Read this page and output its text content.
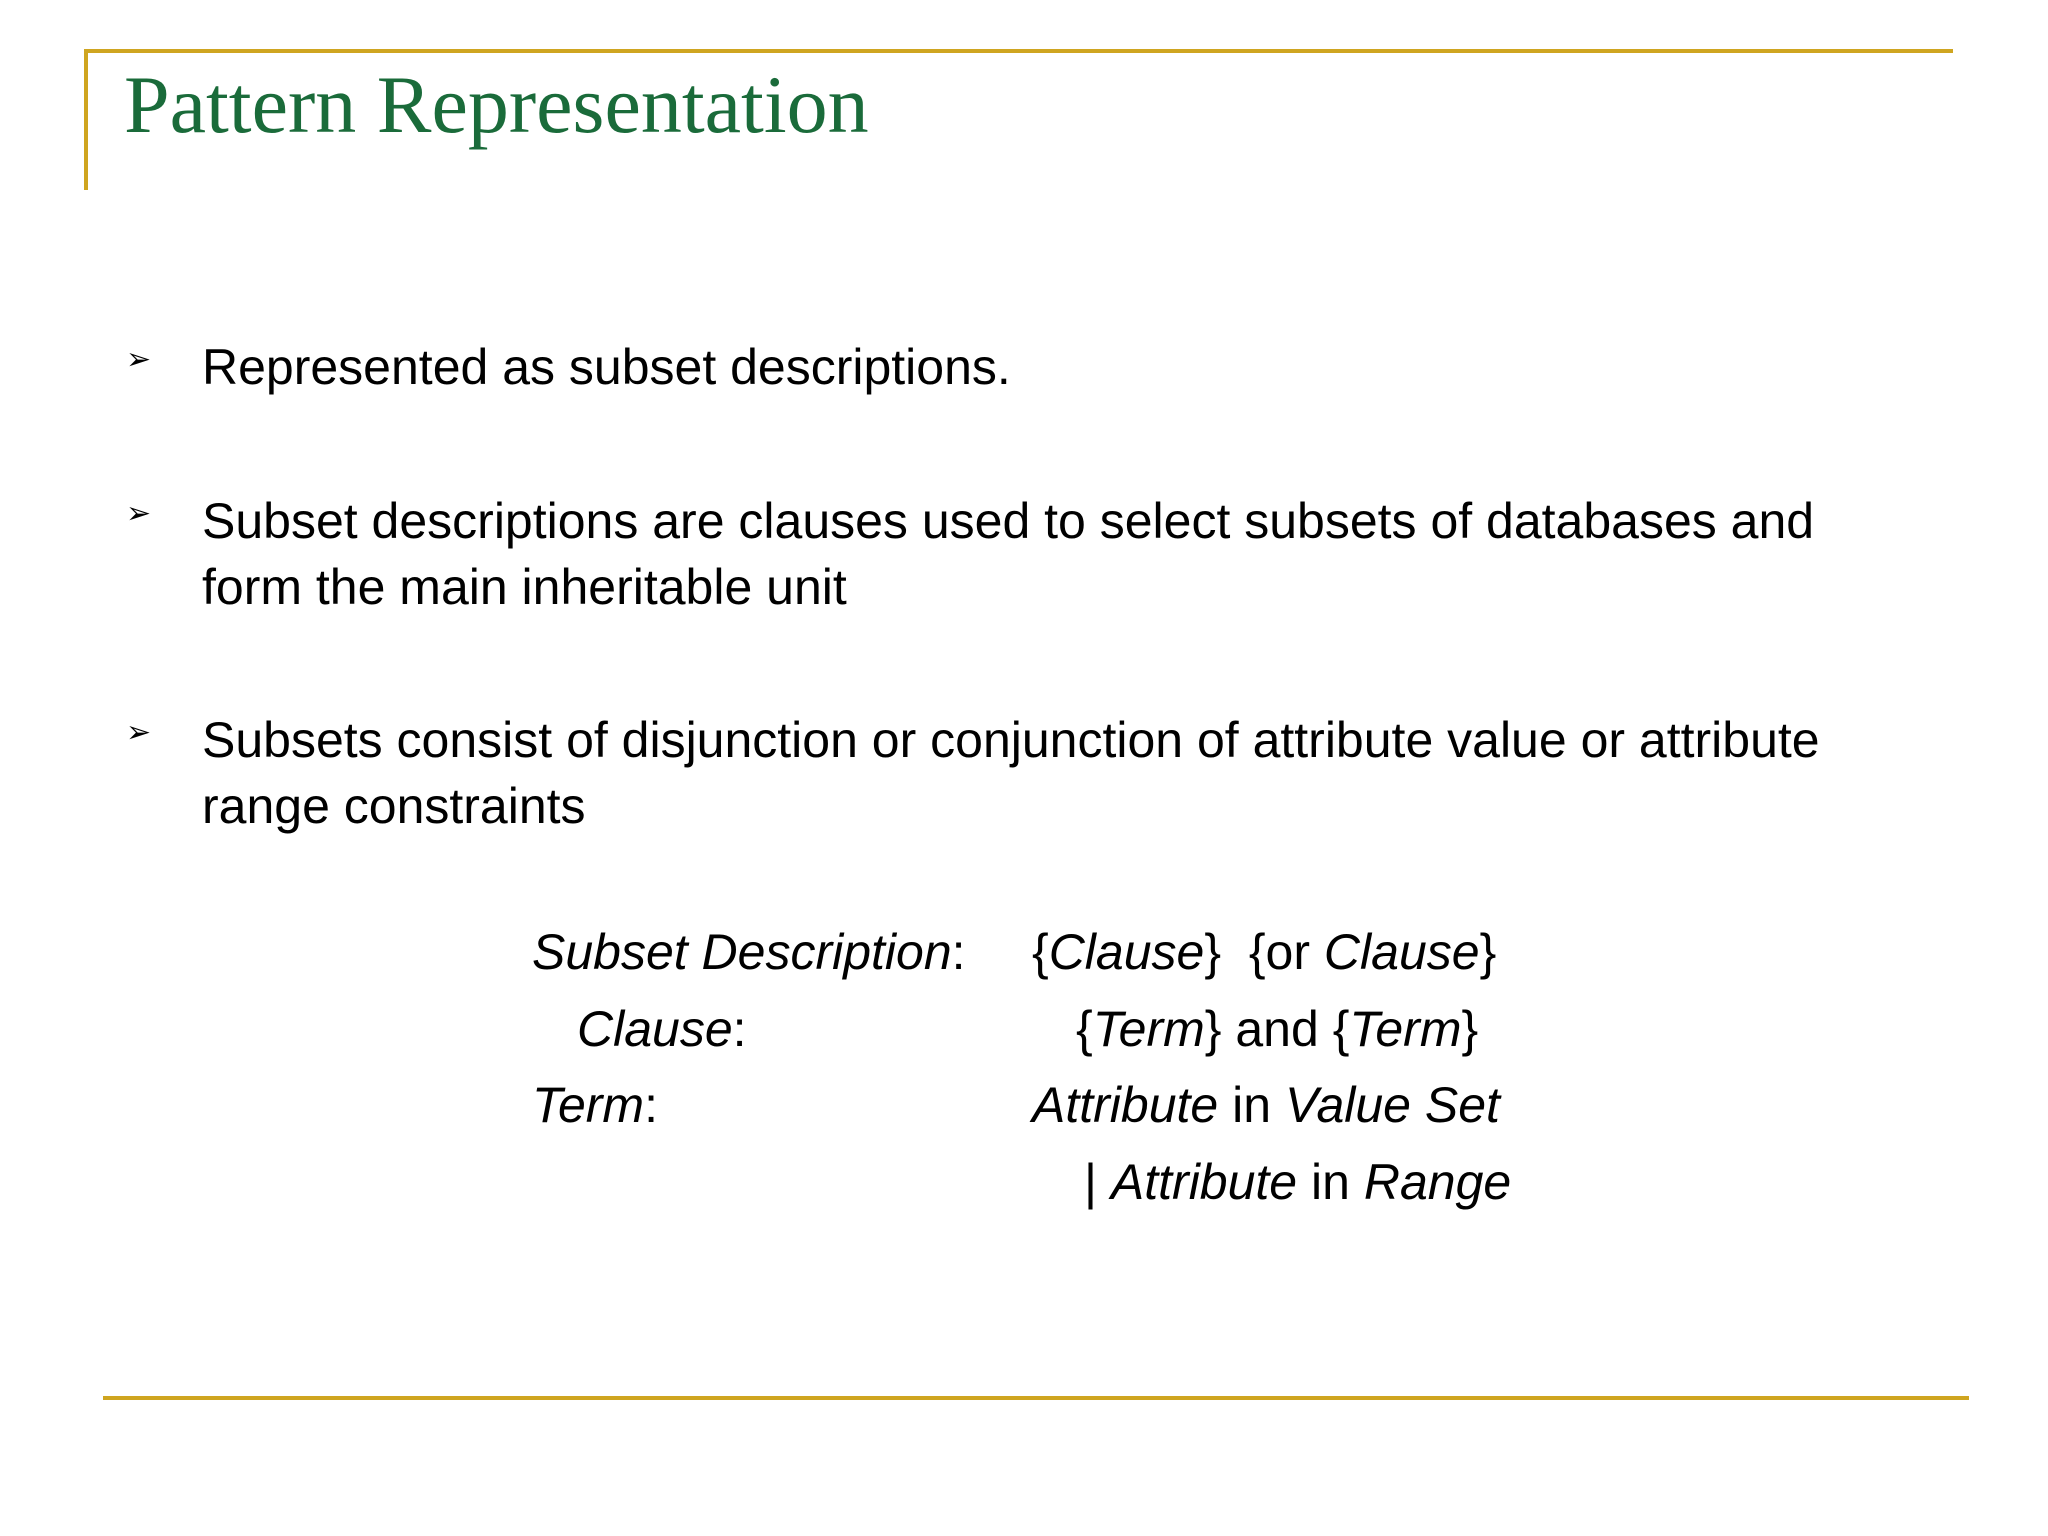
Pattern Representation
➢ Represented as subset descriptions.
➢ Subset descriptions are clauses used to select subsets of databases and form the main inheritable unit
➢ Subsets consist of disjunction or conjunction of attribute value or attribute range constraints
Subset Description: {Clause} {or Clause}
Clause:	{Term} and {Term}
Term:	Attribute in Value Set
| Attribute in Range
